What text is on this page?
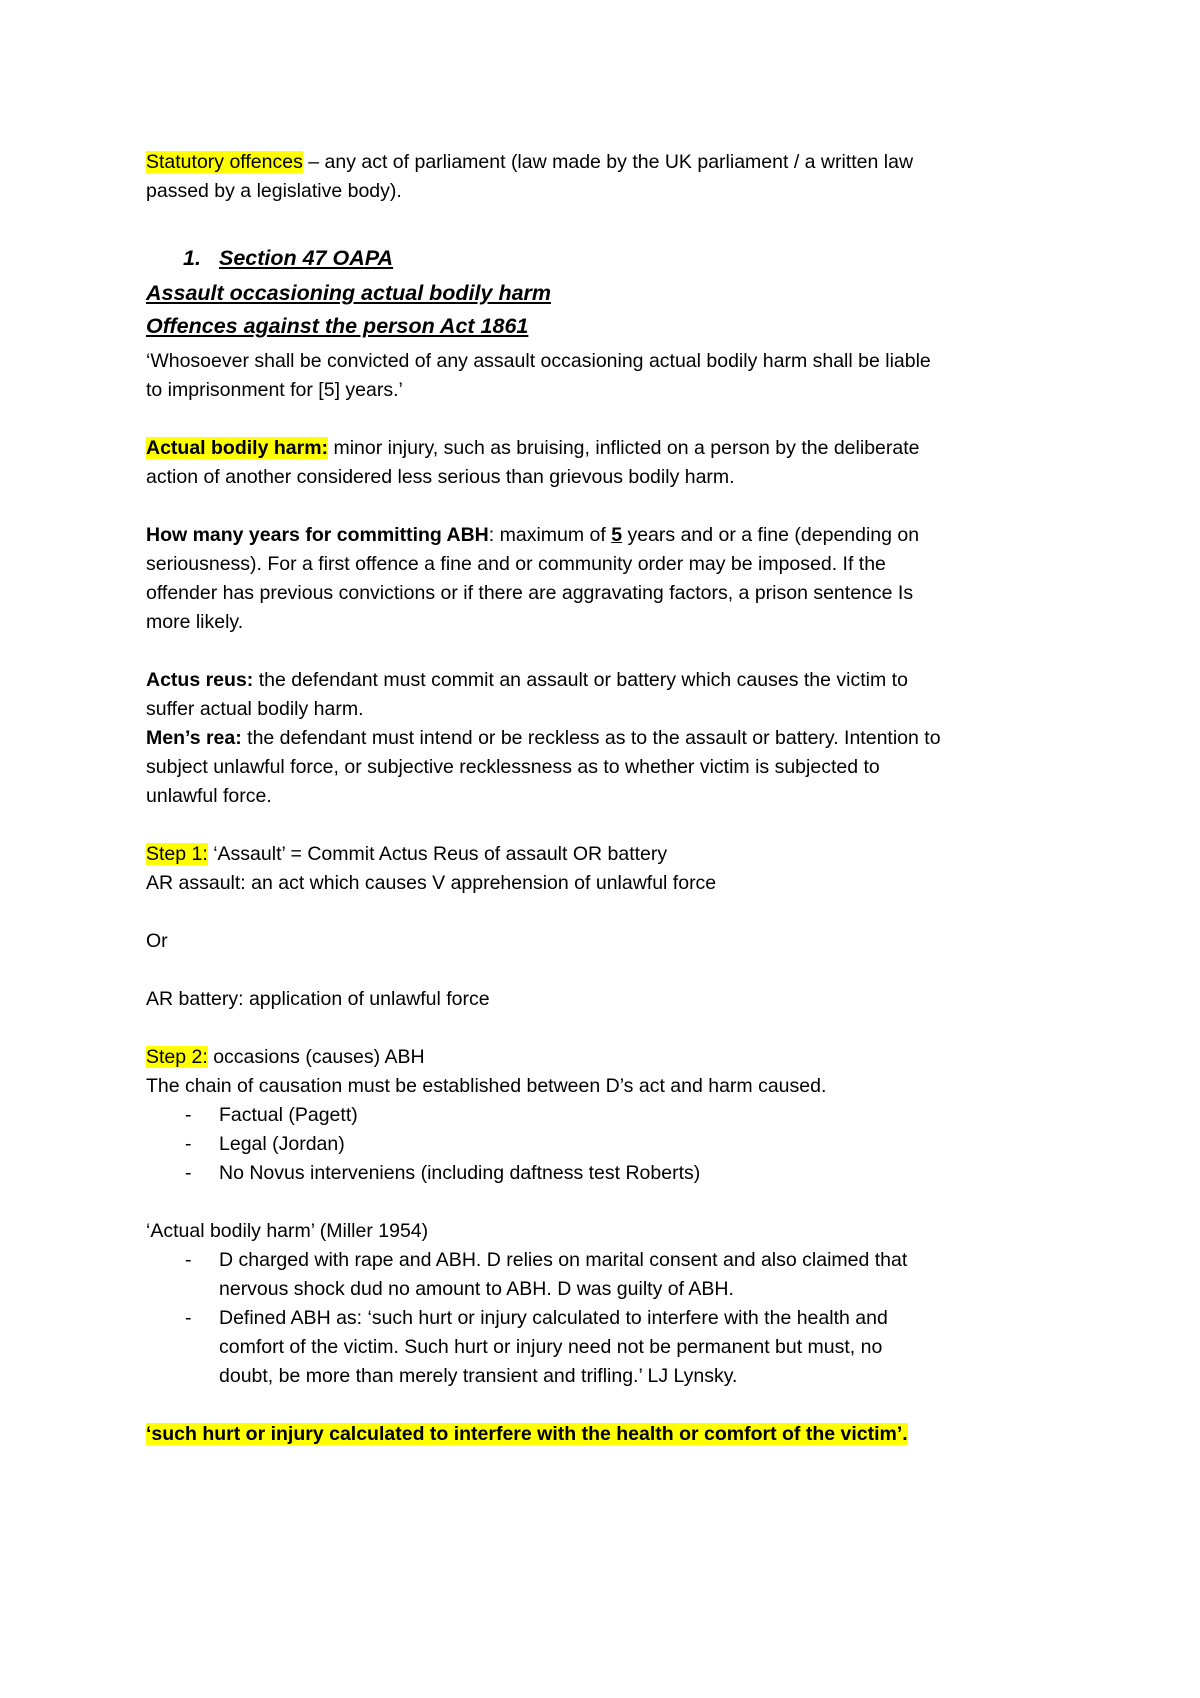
Statutory offences – any act of parliament (law made by the UK parliament / a written law
passed by a legislative body).
1. Section 47 OAPA
Assault occasioning actual bodily harm
Offences against the person Act 1861
‘Whosoever shall be convicted of any assault occasioning actual bodily harm shall be liable
to imprisonment for [5] years.’
Actual bodily harm: minor injury, such as bruising, inflicted on a person by the deliberate
action of another considered less serious than grievous bodily harm.
How many years for committing ABH: maximum of 5 years and or a fine (depending on
seriousness). For a first offence a fine and or community order may be imposed. If the
offender has previous convictions or if there are aggravating factors, a prison sentence Is
more likely.
Actus reus: the defendant must commit an assault or battery which causes the victim to
suffer actual bodily harm.
Men’s rea: the defendant must intend or be reckless as to the assault or battery. Intention to
subject unlawful force, or subjective recklessness as to whether victim is subjected to
unlawful force.
Step 1: ‘Assault’ = Commit Actus Reus of assault OR battery
AR assault: an act which causes V apprehension of unlawful force
Or
AR battery: application of unlawful force
Step 2: occasions (causes) ABH
The chain of causation must be established between D’s act and harm caused.
- Factual (Pagett)
- Legal (Jordan)
- No Novus interveniens (including daftness test Roberts)
‘Actual bodily harm’ (Miller 1954)
- D charged with rape and ABH. D relies on marital consent and also claimed that
nervous shock dud no amount to ABH. D was guilty of ABH.
- Defined ABH as: ‘such hurt or injury calculated to interfere with the health and
comfort of the victim. Such hurt or injury need not be permanent but must, no
doubt, be more than merely transient and trifling.’ LJ Lynsky.
‘such hurt or injury calculated to interfere with the health or comfort of the victim’.
